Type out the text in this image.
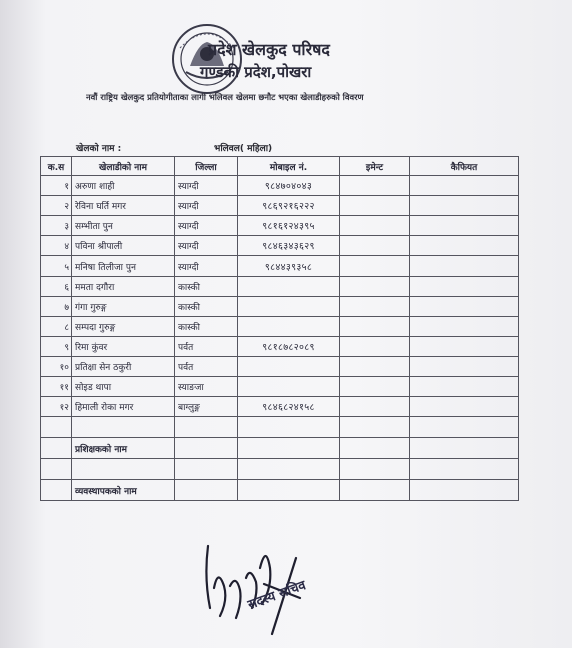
प्रदेश खेलकुद परिषद
गण्डकी प्रदेश,पोखरा
नवौं राष्ट्रिय खेलकुद प्रतियोगीताका लागी भलिवल खेलमा छनौट भएका खेलाडीहरुको विवरण
खेलको नाम :	भलिवल( महिला)
क.स	खेलाडीको नाम	जिल्ला	मोबाइल नं.	इमेन्ट	कैफियत
१	अरुणा शाही	स्याग्दी	९८४७०४०४३		
२	रेविना घर्ति मगर	स्याग्दी	९८६९२१६२२२		
३	सम्भीता पुन	स्याग्दी	९८१६१२४३९५		
४	पविना श्रीपाली	स्याग्दी	९८४६३४३६२९		
५	मनिषा तिलीजा पुन	स्याग्दी	९८४४३९३५८		
६	ममता दगौरा	कास्की			
७	गंगा गुरुङ्ग	कास्की			
८	सम्पदा गुरुङ्ग	कास्की			
९	रिमा कुंवर	पर्वत	९८१८७८२०८९		
१०	प्रतिक्षा सेन ठकुरी	पर्वत			
११	सोइड थापा	स्याङजा			
१२	हिमाली रोका मगर	बाग्लुङ्ग	९८४६८२४१५८		

	प्रशिक्षकको नाम				

	व्यवस्थापकको नाम				
सदस्य सचिव
